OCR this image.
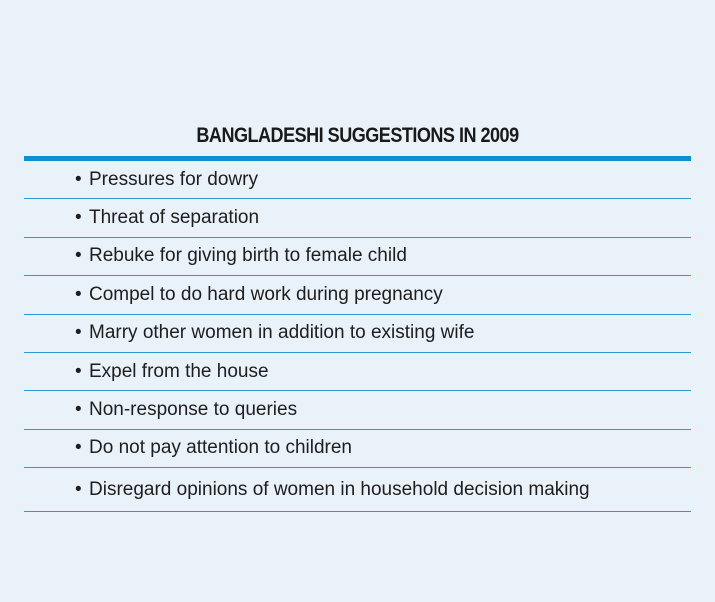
BANGLADESHI SUGGESTIONS IN 2009
• Pressures for dowry
• Threat of separation
• Rebuke for giving birth to female child
• Compel to do hard work during pregnancy
• Marry other women in addition to existing wife
• Expel from the house
• Non-response to queries
• Do not pay attention to children
• Disregard opinions of women in household decision making
